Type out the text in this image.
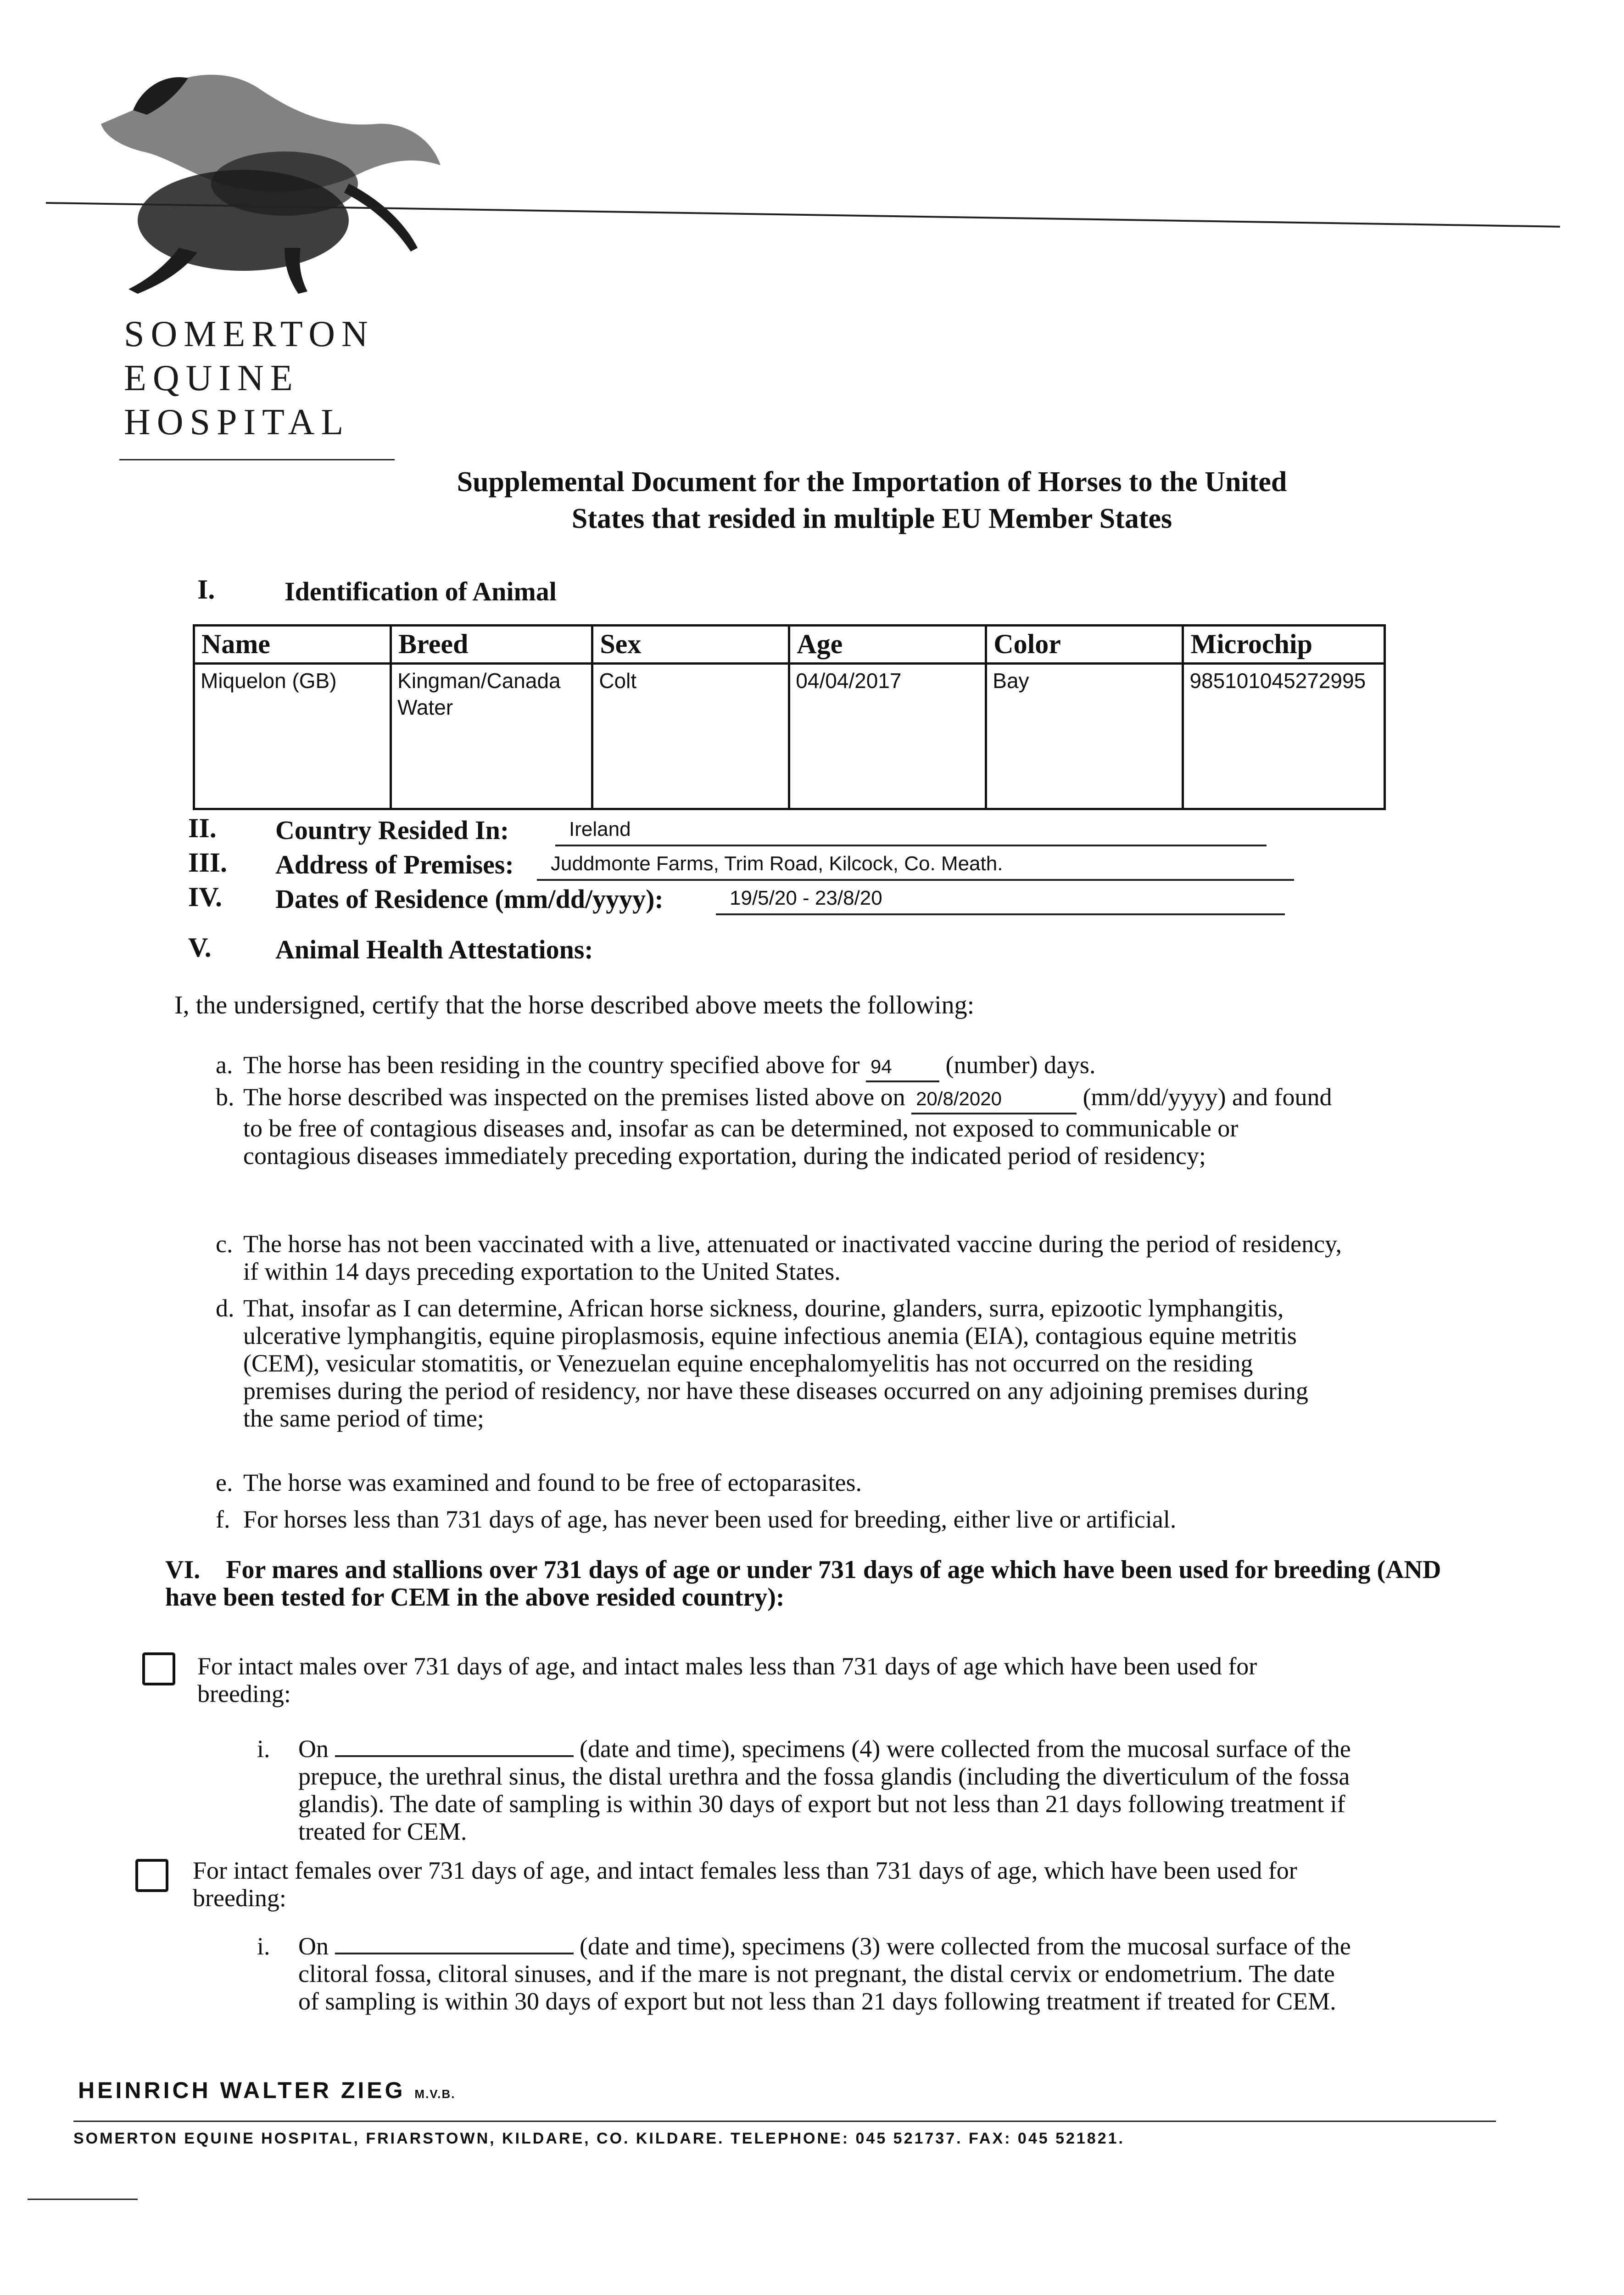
SOMERTON
EQUINE
HOSPITAL
Supplemental Document for the Importation of Horses to the United
States that resided in multiple EU Member States
I.	Identification of Animal
Name	Breed	Sex	Age	Color	Microchip
Miquelon (GB)	Kingman/Canada Water	Colt	04/04/2017	Bay	985101045272995
II. Country Resided In:	Ireland
III. Address of Premises:	Juddmonte Farms, Trim Road, Kilcock, Co. Meath.
IV. Dates of Residence (mm/dd/yyyy):	19/5/20 - 23/8/20
V. Animal Health Attestations:
I, the undersigned, certify that the horse described above meets the following:
a. The horse has been residing in the country specified above for 94 (number) days.
b. The horse described was inspected on the premises listed above on 20/8/2020	(mm/dd/yyyy) and found to be free of contagious diseases and, insofar as can be determined, not exposed to communicable or contagious diseases immediately preceding exportation, during the indicated period of residency;
c. The horse has not been vaccinated with a live, attenuated or inactivated vaccine during the period of residency, if within 14 days preceding exportation to the United States.
d. That, insofar as I can determine, African horse sickness, dourine, glanders, surra, epizootic lymphangitis, ulcerative lymphangitis, equine piroplasmosis, equine infectious anemia (EIA), contagious equine metritis (CEM), vesicular stomatitis, or Venezuelan equine encephalomyelitis has not occurred on the residing premises during the period of residency, nor have these diseases occurred on any adjoining premises during the same period of time;
e. The horse was examined and found to be free of ectoparasites.
f. For horses less than 731 days of age, has never been used for breeding, either live or artificial.
VI. For mares and stallions over 731 days of age or under 731 days of age which have been used for breeding (AND have been tested for CEM in the above resided country):
For intact males over 731 days of age, and intact males less than 731 days of age which have been used for breeding:
i.	On	(date and time), specimens (4) were collected from the mucosal surface of the prepuce, the urethral sinus, the distal urethra and the fossa glandis (including the diverticulum of the fossa glandis). The date of sampling is within 30 days of export but not less than 21 days following treatment if treated for CEM.
For intact females over 731 days of age, and intact females less than 731 days of age, which have been used for breeding:
i.	On	(date and time), specimens (3) were collected from the mucosal surface of the clitoral fossa, clitoral sinuses, and if the mare is not pregnant, the distal cervix or endometrium. The date of sampling is within 30 days of export but not less than 21 days following treatment if treated for CEM.
HEINRICH WALTER ZIEG M.V.B.
SOMERTON EQUINE HOSPITAL, FRIARSTOWN, KILDARE, CO. KILDARE. TELEPHONE: 045 521737. FAX: 045 521821.
